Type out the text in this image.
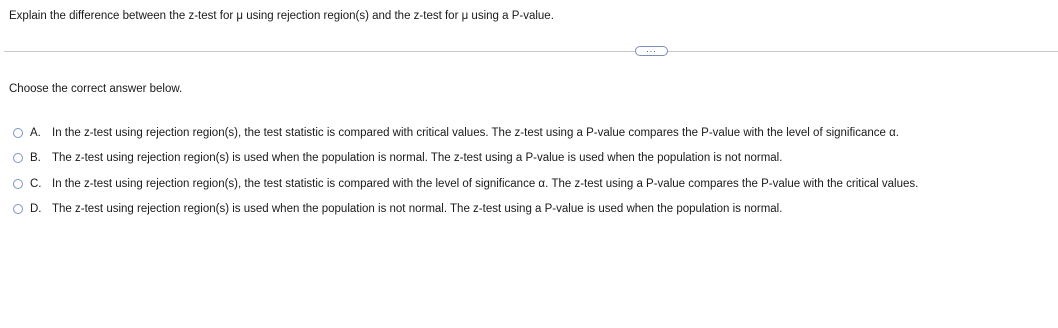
Explain the difference between the z-test for μ using rejection region(s) and the z-test for μ using a P-value.
...
Choose the correct answer below.
A. In the z-test using rejection region(s), the test statistic is compared with critical values. The z-test using a P-value compares the P-value with the level of significance α.
B. The z-test using rejection region(s) is used when the population is normal. The z-test using a P-value is used when the population is not normal.
C. In the z-test using rejection region(s), the test statistic is compared with the level of significance α. The z-test using a P-value compares the P-value with the critical values.
D. The z-test using rejection region(s) is used when the population is not normal. The z-test using a P-value is used when the population is normal.
